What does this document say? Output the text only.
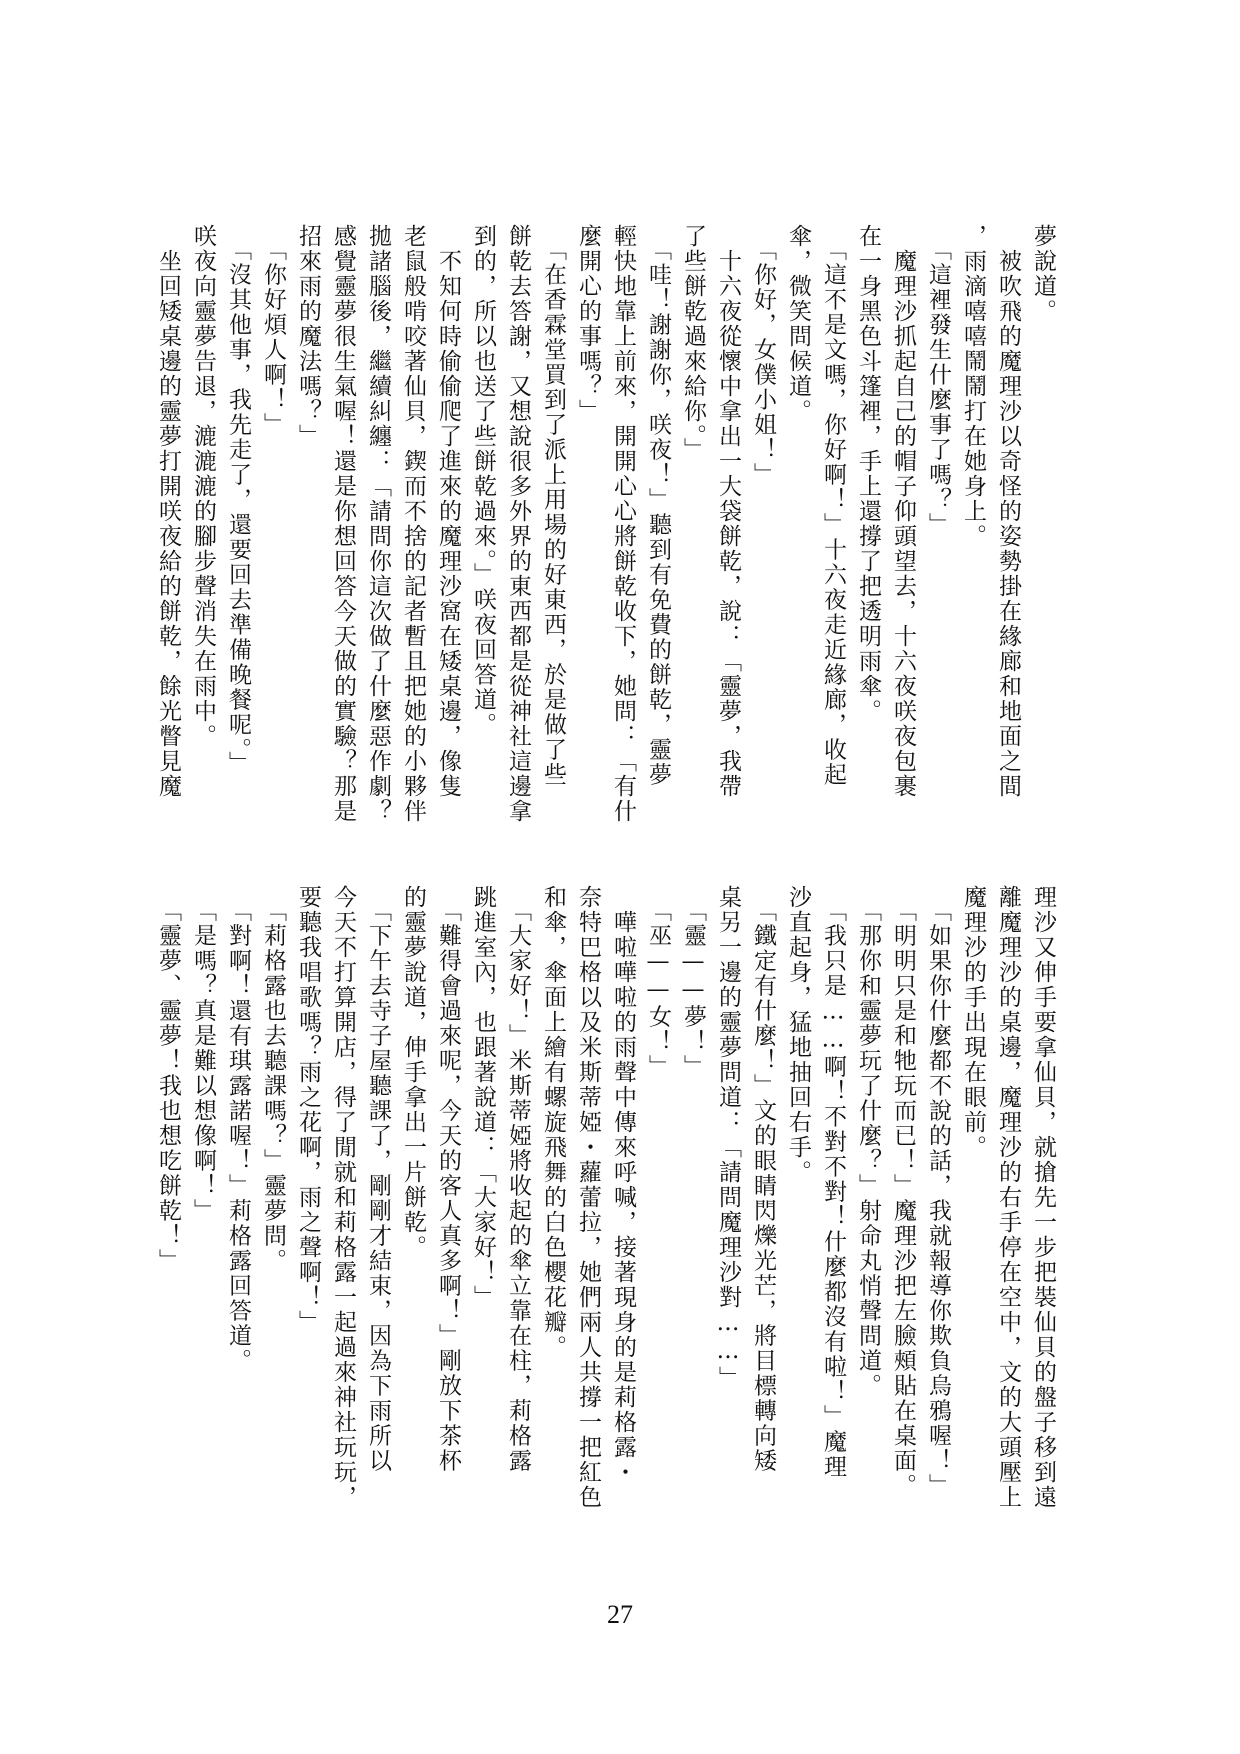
夢說道。
　被吹飛的魔理沙以奇怪的姿勢掛在緣廊和地面之間
，雨滴嘻嘻鬧鬧打在她身上。
　「這裡發生什麼事了嗎？」
　魔理沙抓起自己的帽子仰頭望去，十六夜咲夜包裹
在一身黑色斗篷裡，手上還撐了把透明雨傘。
　「這不是文嗎，你好啊！」十六夜走近緣廊，收起
傘，微笑問候道。
　「你好，女僕小姐！」
　十六夜從懷中拿出一大袋餅乾，說：「靈夢，我帶
了些餅乾過來給你。」
　「哇！謝謝你，咲夜！」聽到有免費的餅乾，靈夢
輕快地靠上前來，開開心心將餅乾收下，她問：「有什
麼開心的事嗎？」
　「在香霖堂買到了派上用場的好東西，於是做了些
餅乾去答謝，又想說很多外界的東西都是從神社這邊拿
到的，所以也送了些餅乾過來。」咲夜回答道。
　不知何時偷偷爬了進來的魔理沙窩在矮桌邊，像隻
老鼠般啃咬著仙貝，鍥而不捨的記者暫且把她的小夥伴
拋諸腦後，繼續糾纏：「請問你這次做了什麼惡作劇？
感覺靈夢很生氣喔！還是你想回答今天做的實驗？那是
招來雨的魔法嗎？」
　「你好煩人啊！」
　「沒其他事，我先走了，還要回去準備晚餐呢。」
咲夜向靈夢告退，漉漉漉的腳步聲消失在雨中。
　坐回矮桌邊的靈夢打開咲夜給的餅乾，餘光瞥見魔
理沙又伸手要拿仙貝，就搶先一步把裝仙貝的盤子移到遠
離魔理沙的桌邊，魔理沙的右手停在空中，文的大頭壓上
魔理沙的手出現在眼前。
　「如果你什麼都不說的話，我就報導你欺負烏鴉喔！」
　「明明只是和牠玩而已！」魔理沙把左臉頰貼在桌面。
　「那你和靈夢玩了什麼？」射命丸悄聲問道。
　「我只是……啊！不對不對！什麼都沒有啦！」魔理
沙直起身，猛地抽回右手。
　「鐵定有什麼！」文的眼睛閃爍光芒，將目標轉向矮
桌另一邊的靈夢問道：「請問魔理沙對……」
　「靈——夢！」
　「巫——女！」
　嘩啦嘩啦的雨聲中傳來呼喊，接著現身的是莉格露・
奈特巴格以及米斯蒂婭・蘿蕾拉，她們兩人共撐一把紅色
和傘，傘面上繪有螺旋飛舞的白色櫻花瓣。
　「大家好！」米斯蒂婭將收起的傘立靠在柱，莉格露
跳進室內，也跟著說道：「大家好！」
　「難得會過來呢，今天的客人真多啊！」剛放下茶杯
的靈夢說道，伸手拿出一片餅乾。
　「下午去寺子屋聽課了，剛剛才結束，因為下雨所以
今天不打算開店，得了閒就和莉格露一起過來神社玩玩，
要聽我唱歌嗎？雨之花啊，雨之聲啊！」
　「莉格露也去聽課嗎？」靈夢問。
　「對啊！還有琪露諾喔！」莉格露回答道。
　「是嗎？真是難以想像啊！」
　「靈夢、靈夢！我也想吃餅乾！」
27
